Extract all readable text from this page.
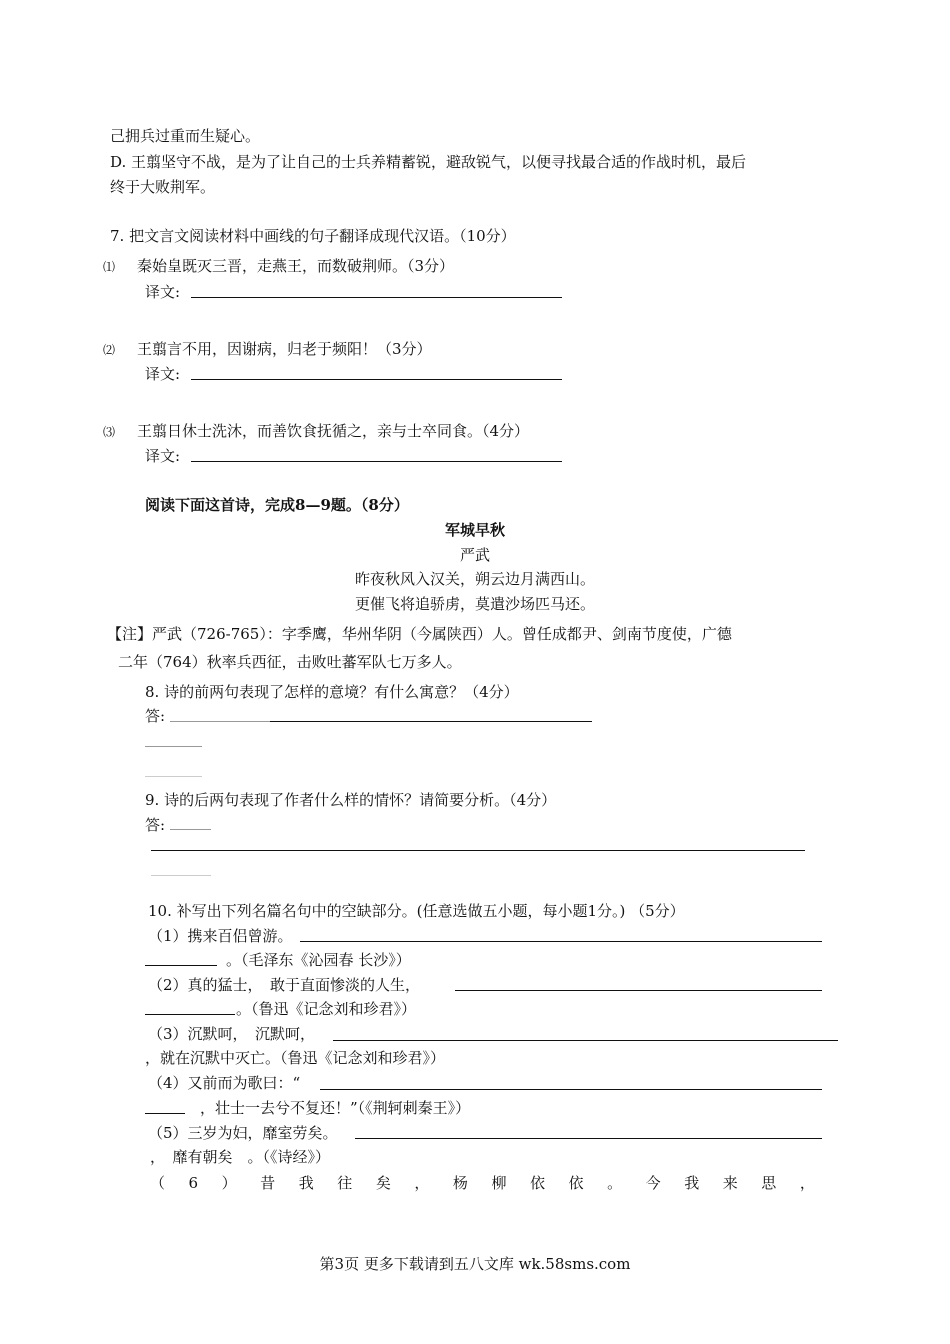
己拥兵过重而生疑心。
D. 王翦坚守不战，是为了让自己的士兵养精蓄锐，避敌锐气，以便寻找最合适的作战时机，最后
终于大败荆军。
7. 把文言文阅读材料中画线的句子翻译成现代汉语。（10分）
⑴ 秦始皇既灭三晋，走燕王，而数破荆师。（3分）
译文:
⑵ 王翦言不用，因谢病，归老于频阳！（3分）
译文:
⑶ 王翦日休士洗沐，而善饮食抚循之，亲与士卒同食。（4分）
译文:
阅读下面这首诗，完成8—9题。（8分）
军城早秋
严武
昨夜秋风入汉关，朔云边月满西山。
更催飞将追骄虏，莫遣沙场匹马还。
【注】严武（726-765）：字季鹰，华州华阴（今属陕西）人。曾任成都尹、剑南节度使，广德
二年（764）秋率兵西征，击败吐蕃军队七万多人。
8. 诗的前两句表现了怎样的意境？有什么寓意？（4分）
答:
9. 诗的后两句表现了作者什么样的情怀？请简要分析。（4分）
答:
10. 补写出下列名篇名句中的空缺部分。(任意选做五小题，每小题1分。) （5分）
（1）携来百侣曾游。
。（毛泽东《沁园春 长沙》）
（2）真的猛士，　敢于直面惨淡的人生，
。（鲁迅《记念刘和珍君》）
（3）沉默呵，　沉默呵，
，就在沉默中灭亡。（鲁迅《记念刘和珍君》）
（4）又前而为歌曰：“
，壮士一去兮不复还！”（《荆轲刺秦王》）
（5）三岁为妇，靡室劳矣。
，　靡有朝矣　。（《诗经》）
（ 6 ） 昔 我 往 矣 ， 杨 柳 依 依 。 今 我 来 思 ，
第3页 更多下载请到五八文库 wk.58sms.com
